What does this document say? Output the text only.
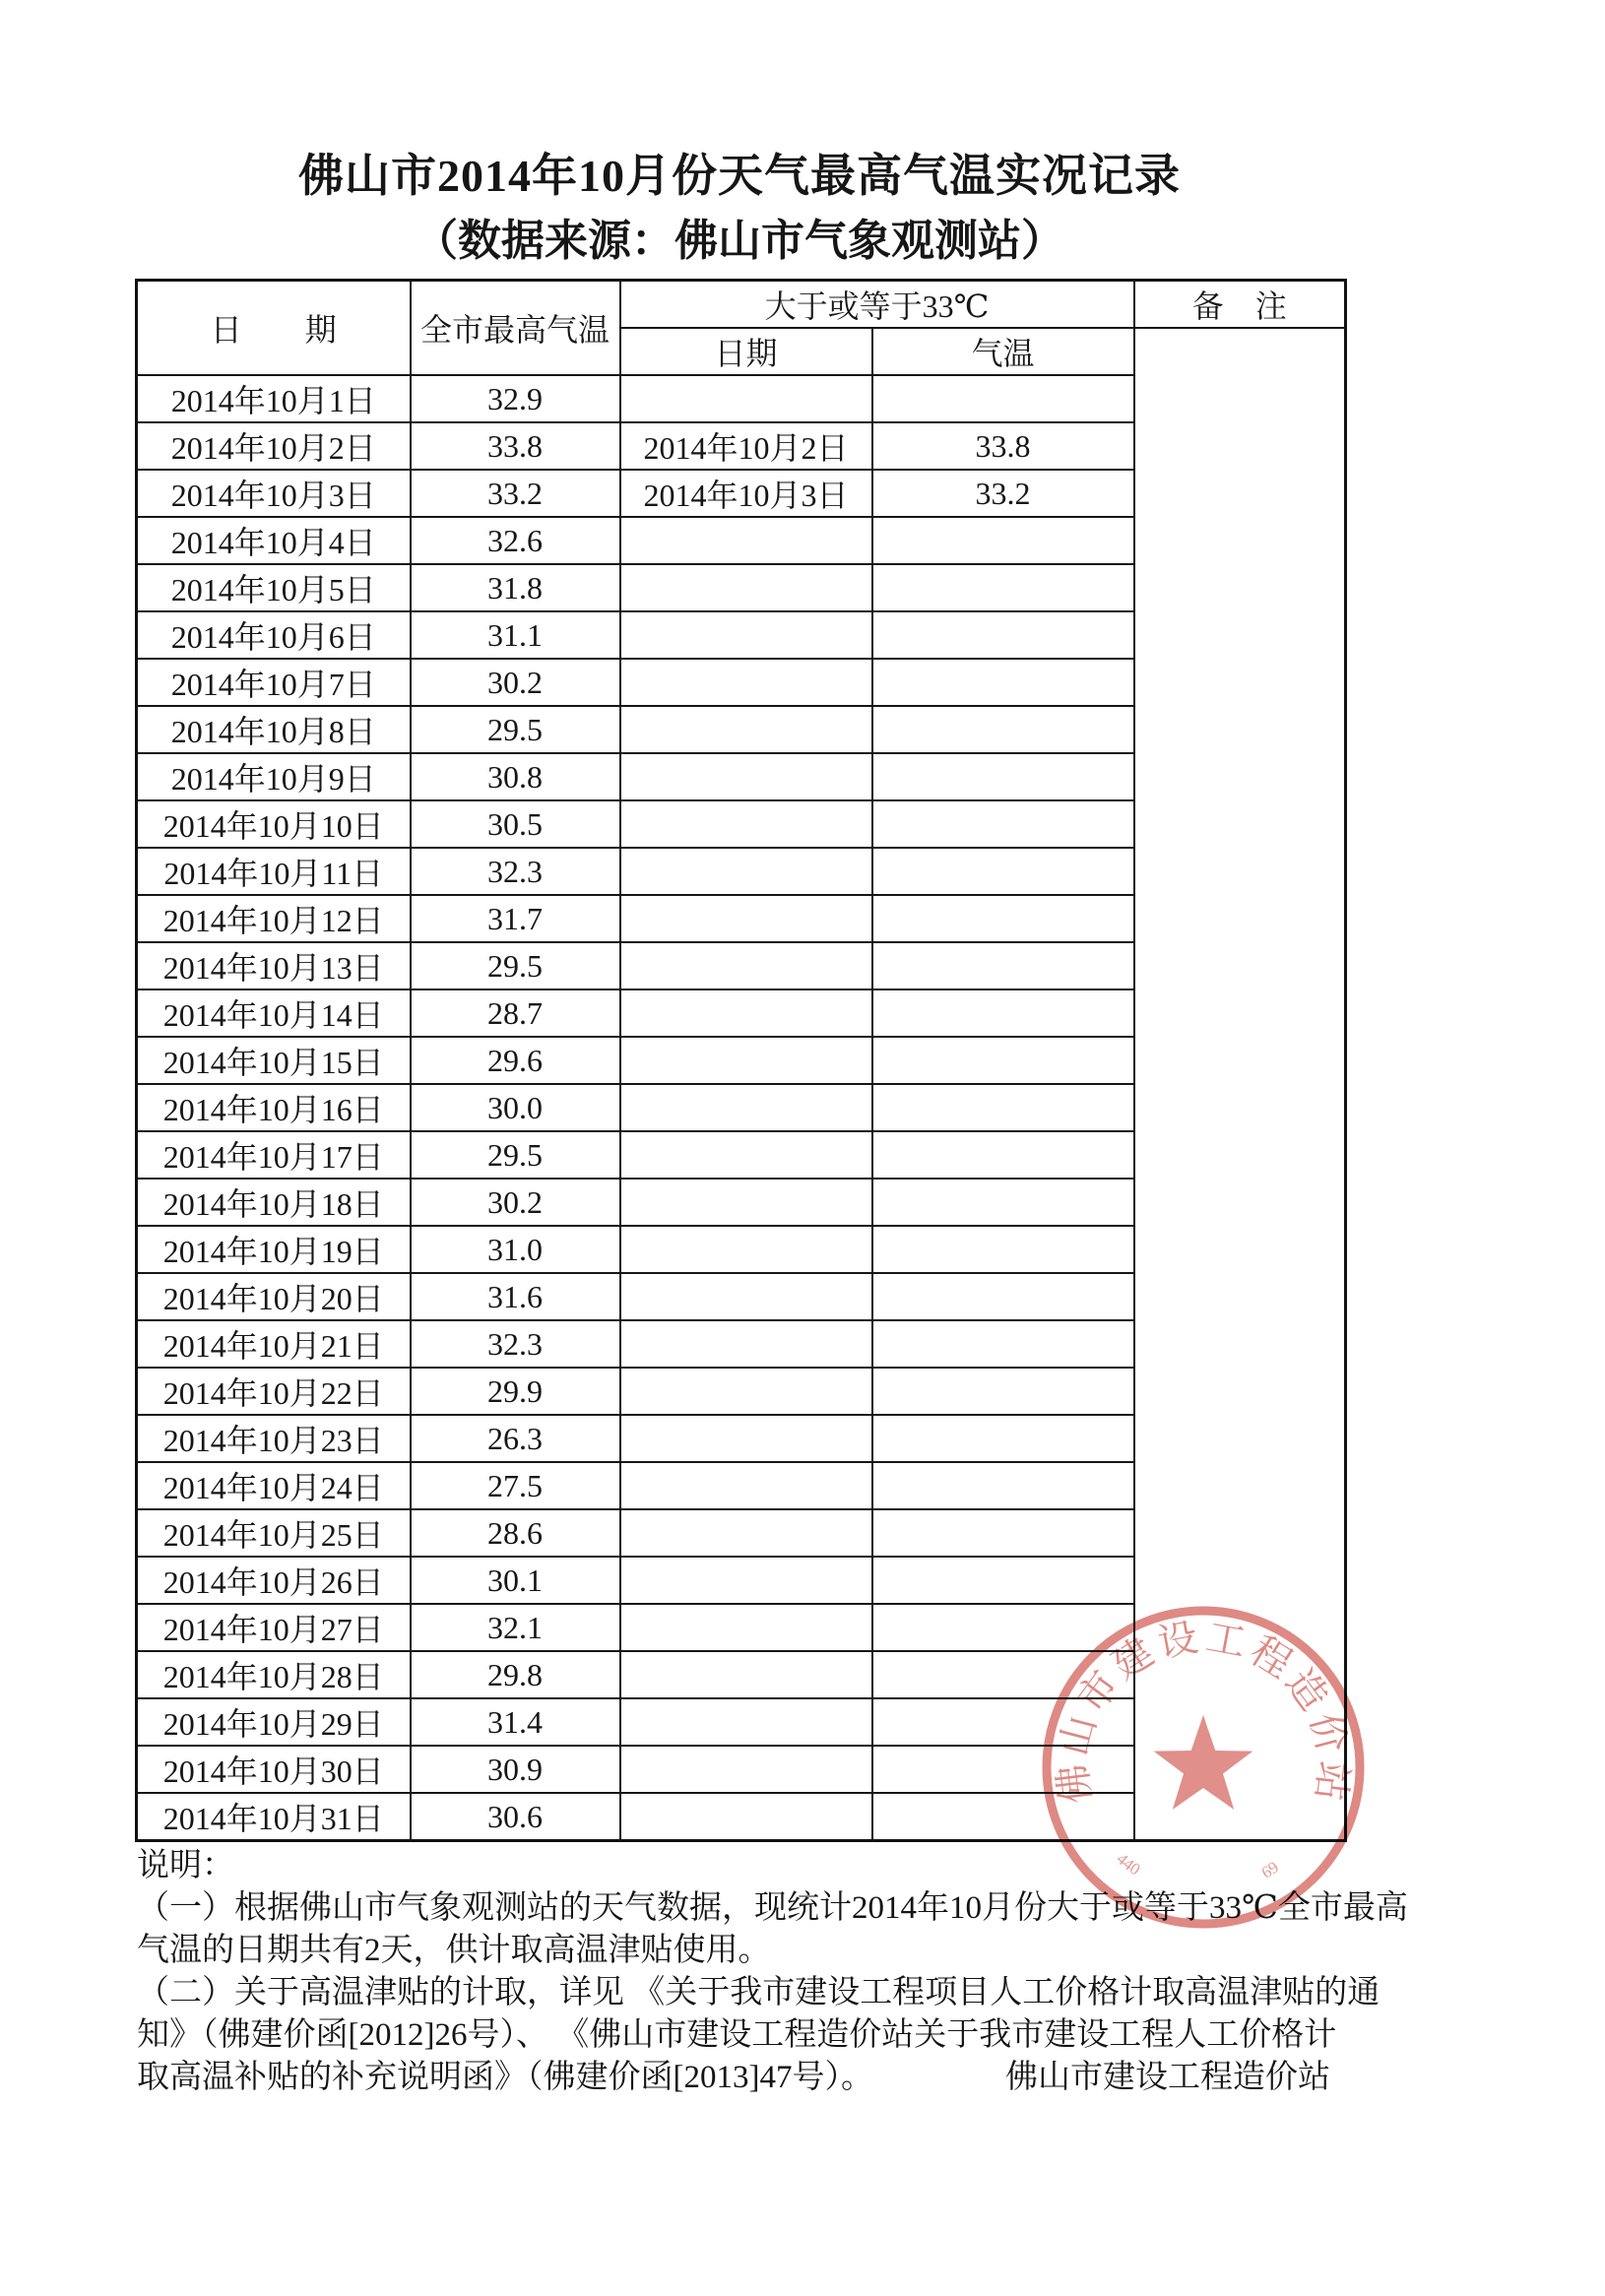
佛山市2014年10月份天气最高气温实况记录
（数据来源：佛山市气象观测站）
日　　期	全市最高气温	大于或等于33℃		备　注
		日期	气温	
2014年10月1日	32.9			
2014年10月2日	33.8	2014年10月2日	33.8	
2014年10月3日	33.2	2014年10月3日	33.2	
2014年10月4日	32.6			
2014年10月5日	31.8			
2014年10月6日	31.1			
2014年10月7日	30.2			
2014年10月8日	29.5			
2014年10月9日	30.8			
2014年10月10日	30.5			
2014年10月11日	32.3			
2014年10月12日	31.7			
2014年10月13日	29.5			
2014年10月14日	28.7			
2014年10月15日	29.6			
2014年10月16日	30.0			
2014年10月17日	29.5			
2014年10月18日	30.2			
2014年10月19日	31.0			
2014年10月20日	31.6			
2014年10月21日	32.3			
2014年10月22日	29.9			
2014年10月23日	26.3			
2014年10月24日	27.5			
2014年10月25日	28.6			
2014年10月26日	30.1			
2014年10月27日	32.1			
2014年10月28日	29.8			
2014年10月29日	31.4			
2014年10月30日	30.9			
2014年10月31日	30.6			
说明：
（一）根据佛山市气象观测站的天气数据，现统计2014年10月份大于或等于33℃全市最高
气温的日期共有2天，供计取高温津贴使用。
（二）关于高温津贴的计取，详见 《关于我市建设工程项目人工价格计取高温津贴的通
知》（佛建价函[2012]26号）、 《佛山市建设工程造价站关于我市建设工程人工价格计
取高温补贴的补充说明函》（佛建价函[2013]47号）。	佛山市建设工程造价站
佛山市建设工程造价站
440	69
